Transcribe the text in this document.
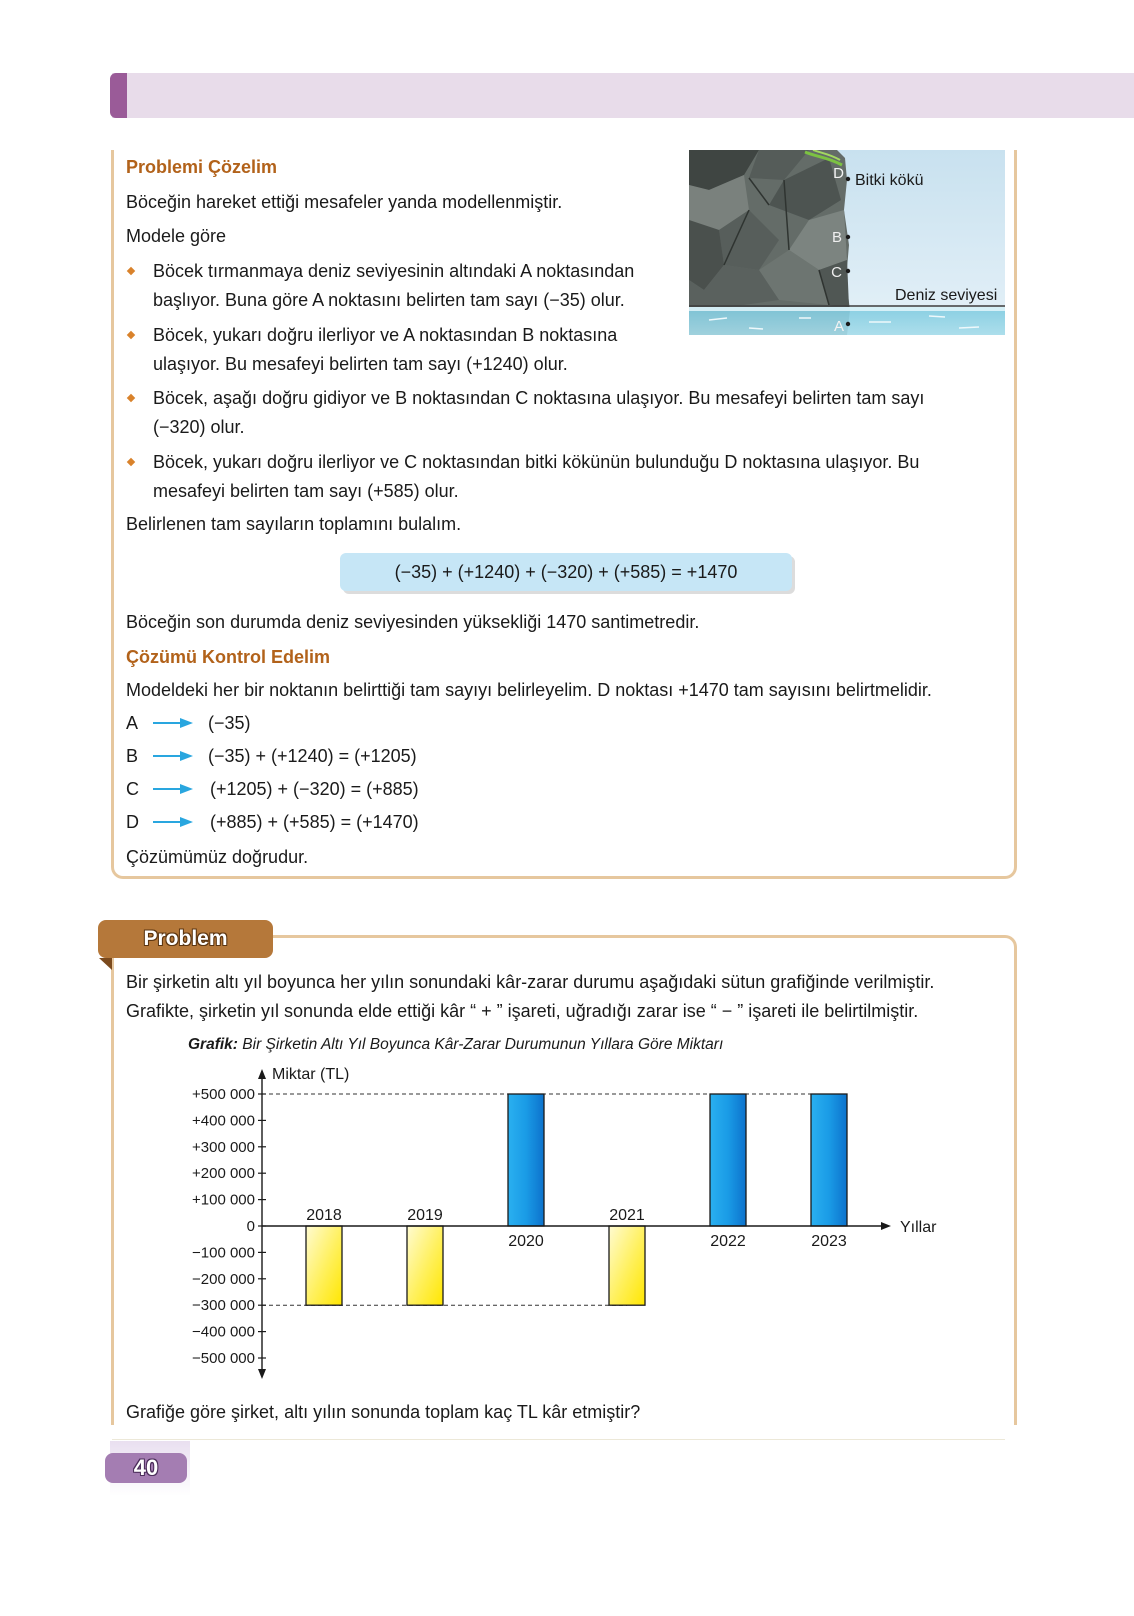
Problemi Çözelim
Böceğin hareket ettiği mesafeler yanda modellenmiştir.
Modele göre
Böcek tırmanmaya deniz seviyesinin altındaki A noktasından
başlıyor. Buna göre A noktasını belirten tam sayı (−35) olur.
Böcek, yukarı doğru ilerliyor ve A noktasından B noktasına
ulaşıyor. Bu mesafeyi belirten tam sayı (+1240) olur.
Böcek, aşağı doğru gidiyor ve B noktasından C noktasına ulaşıyor. Bu mesafeyi belirten tam sayı
(−320) olur.
Böcek, yukarı doğru ilerliyor ve C noktasından bitki kökünün bulunduğu D noktasına ulaşıyor. Bu
mesafeyi belirten tam sayı (+585) olur.
Belirlenen tam sayıların toplamını bulalım.
(−35) + (+1240) + (−320) + (+585) = +1470
Böceğin son durumda deniz seviyesinden yüksekliği 1470 santimetredir.
Çözümü Kontrol Edelim
Modeldeki her bir noktanın belirttiği tam sayıyı belirleyelim. D noktası +1470 tam sayısını belirtmelidir.
A	(−35)
B	(−35) + (+1240) = (+1205)
C	(+1205) + (−320) = (+885)
D	(+885) + (+585) = (+1470)
Çözümümüz doğrudur.
D
B
C
A
Bitki kökü
Deniz seviyesi
Problem
Bir şirketin altı yıl boyunca her yılın sonundaki kâr-zarar durumu aşağıdaki sütun grafiğinde verilmiştir.
Grafikte, şirketin yıl sonunda elde ettiği kâr “ + ” işareti, uğradığı zarar ise “ − ” işareti ile belirtilmiştir.
Grafik: Bir Şirketin Altı Yıl Boyunca Kâr-Zarar Durumunun Yıllara Göre Miktarı
2018	2019
2020
2021
2022	2023
+500 000
+400 000
+300 000
+200 000
+100 000
0
−100 000
−200 000
−300 000
−400 000
−500 000
Miktar (TL)
Yıllar
Grafiğe göre şirket, altı yılın sonunda toplam kaç TL kâr etmiştir?
40
